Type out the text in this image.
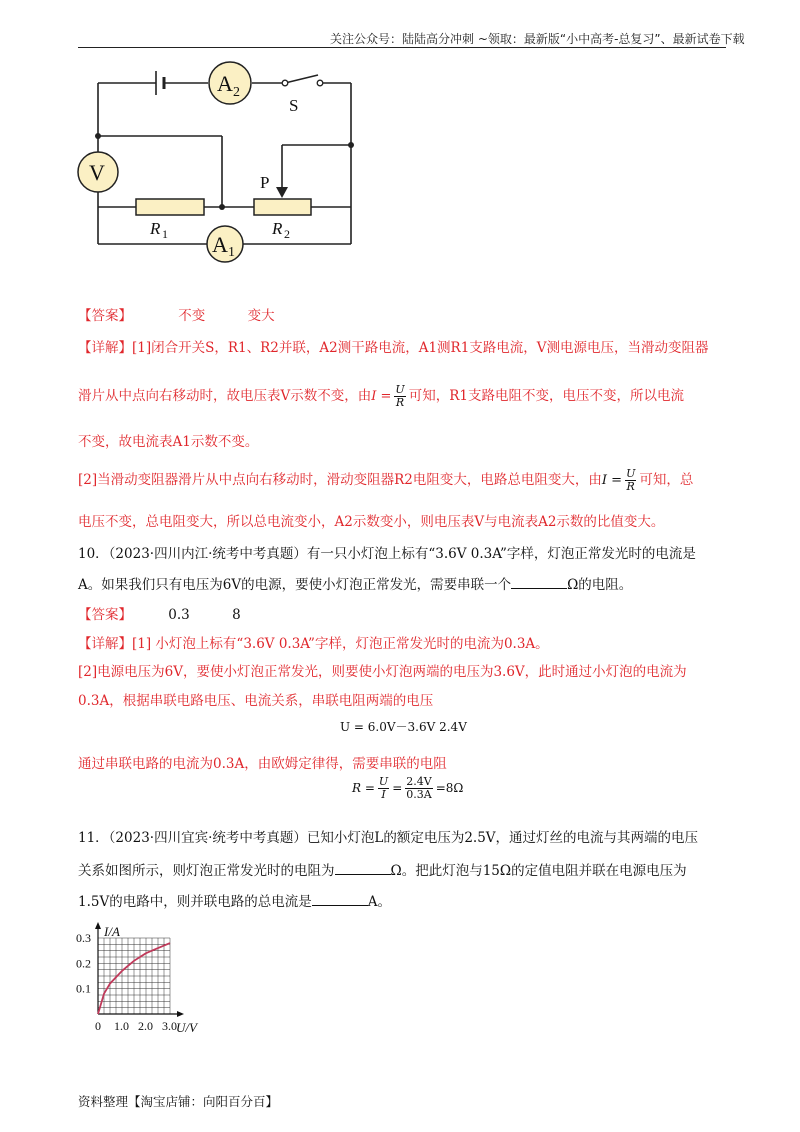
关注公众号：陆陆高分冲刺 ~领取：最新版“小中高考-总复习”、最新试卷下载
A 2
V
A 1
S
P
R 1	R 2
【答案】	不变	变大
【详解】[1]闭合开关S，R1、R2并联，A2测干路电流，A1测R1支路电流，V测电源电压，当滑动变阻器
滑片从中点向右移动时，故电压表V示数不变，由$I = \frac{U}{R}$ 可知，R1支路电阻不变，电压不变，所以电流
不变，故电流表A1示数不变。
[2]当滑动变阻器滑片从中点向右移动时，滑动变阻器R2电阻变大，电路总电阻变大，由$I = \frac{U}{R}$ 可知，总
电压不变，总电阻变大，所以总电流变小，A2示数变小，则电压表V与电流表A2示数的比值变大。
10．（2023·四川内江·统考中考真题）有一只小灯泡上标有“3.6V 0.3A”字样，灯泡正常发光时的电流是
A。如果我们只有电压为6V的电源，要使小灯泡正常发光，需要串联一个	Ω的电阻。
【答案】	0.3	8
【详解】[1] 小灯泡上标有“3.6V 0.3A”字样，灯泡正常发光时的电流为0.3A。
[2]电源电压为6V，要使小灯泡正常发光，则要使小灯泡两端的电压为3.6V，此时通过小灯泡的电流为
0.3A，根据串联电路电压、电流关系，串联电阻两端的电压
U = 6.0V－3.6V 2.4V
通过串联电路的电流为0.3A，由欧姆定律得，需要串联的电阻
$R = \frac{U}{I} = \frac{2.4V}{0.3A} =8\Omega$
11．（2023·四川宜宾·统考中考真题）已知小灯泡L的额定电压为2.5V，通过灯丝的电流与其两端的电压
关系如图所示，则灯泡正常发光时的电阻为	Ω。把此灯泡与15Ω的定值电阻并联在电源电压为
1.5V的电路中，则并联电路的总电流是	A。
0.1
0.2
0.3
0 1.0 2.0 3.0
I/A
U/V
资料整理【淘宝店铺：向阳百分百】
